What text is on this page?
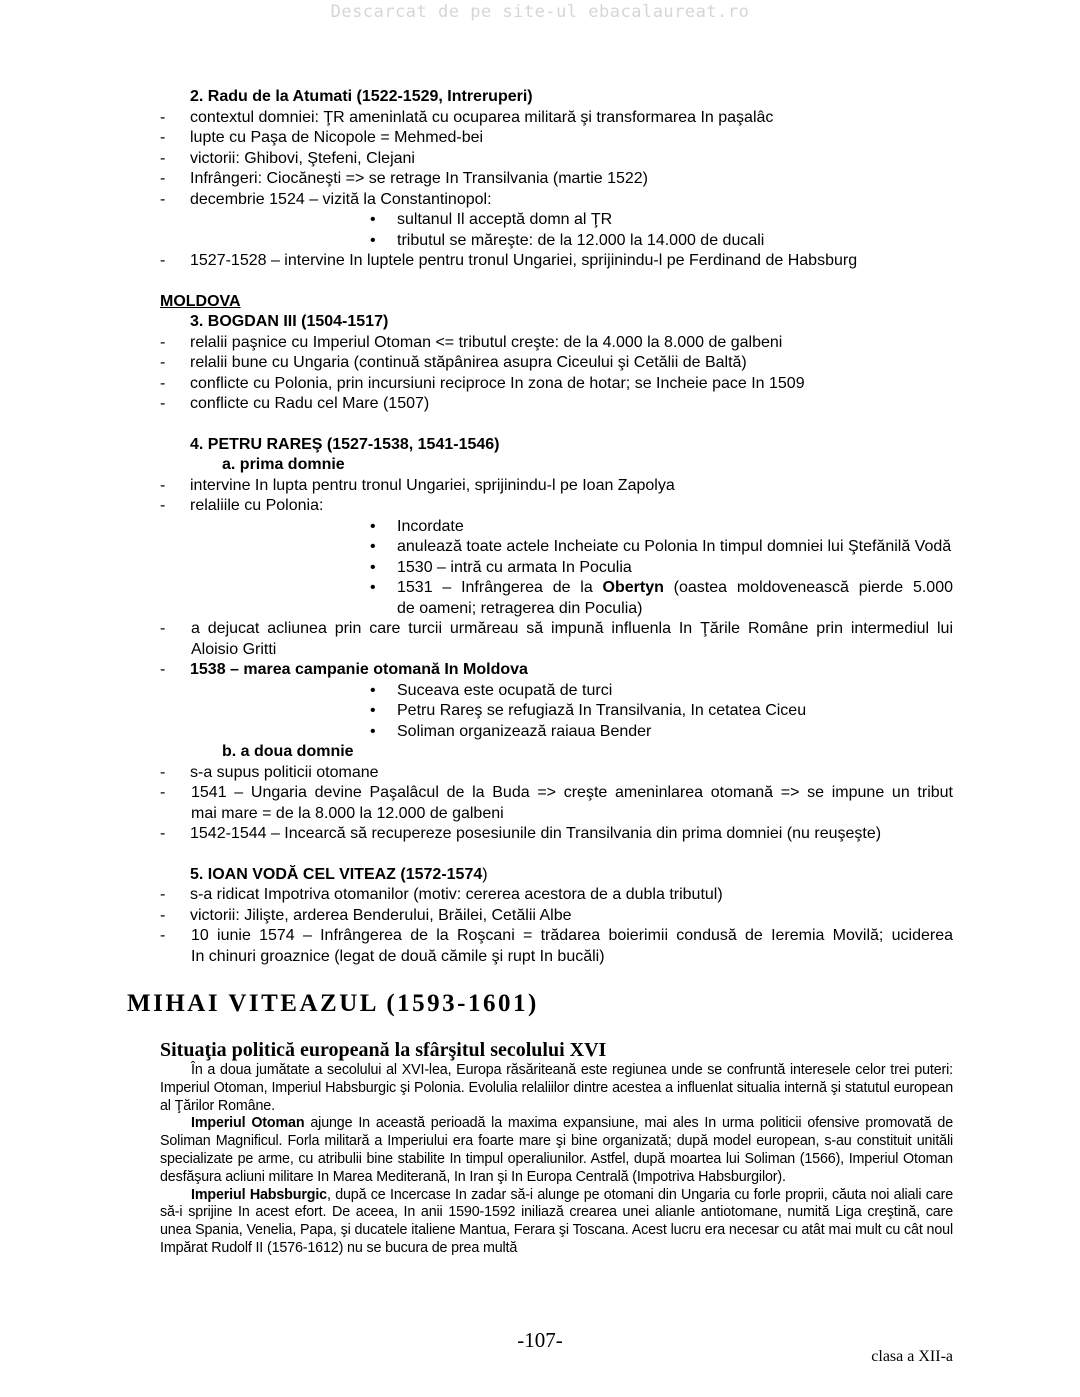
Descarcat de pe site-ul ebacalaureat.ro
2. Radu de la Atumati (1522-1529, Intreruperi)
- contextul domniei: ŢR ameninlată cu ocuparea militară şi transformarea In paşalâc
- lupte cu Paşa de Nicopole = Mehmed-bei
- victorii: Ghibovi, Ştefeni, Clejani
- Infrângeri: Ciocăneşti => se retrage In Transilvania (martie 1522)
- decembrie 1524 – vizită la Constantinopol:
• sultanul Il acceptă domn al ŢR
• tributul se măreşte: de la 12.000 la 14.000 de ducali
- 1527-1528 – intervine In luptele pentru tronul Ungariei, sprijinindu-l pe Ferdinand de Habsburg
MOLDOVA
3. BOGDAN III (1504-1517)
- relalii paşnice cu Imperiul Otoman <= tributul creşte: de la 4.000 la 8.000 de galbeni
- relalii bune cu Ungaria (continuă stăpânirea asupra Ciceului şi Cetălii de Baltă)
- conflicte cu Polonia, prin incursiuni reciproce In zona de hotar; se Incheie pace In 1509
- conflicte cu Radu cel Mare (1507)
4. PETRU RAREŞ (1527-1538, 1541-1546)
a. prima domnie
- intervine In lupta pentru tronul Ungariei, sprijinindu-l pe Ioan Zapolya
- relaliile cu Polonia:
• Incordate
• anulează toate actele Incheiate cu Polonia In timpul domniei lui Ştefănilă Vodă
• 1530 – intră cu armata In Poculia
• 1531 – Infrângerea de la Obertyn (oastea moldovenească pierde 5.000
de oameni; retragerea din Poculia)
- a dejucat acliunea prin care turcii urmăreau să impună influenla In Ţările Române prin intermediul lui
Aloisio Gritti
- 1538 – marea campanie otomană In Moldova
• Suceava este ocupată de turci
• Petru Rareş se refugiază In Transilvania, In cetatea Ciceu
• Soliman organizează raiaua Bender
b. a doua domnie
- s-a supus politicii otomane
- 1541 – Ungaria devine Paşalâcul de la Buda => creşte ameninlarea otomană => se impune un tribut
mai mare = de la 8.000 la 12.000 de galbeni
- 1542-1544 – Incearcă să recupereze posesiunile din Transilvania din prima domniei (nu reuşeşte)
5. IOAN VODĂ CEL VITEAZ (1572-1574)
- s-a ridicat Impotriva otomanilor (motiv: cererea acestora de a dubla tributul)
- victorii: Jilişte, arderea Benderului, Brăilei, Cetălii Albe
- 10 iunie 1574 – Infrângerea de la Roşcani = trădarea boierimii condusă de Ieremia Movilă; uciderea
In chinuri groaznice (legat de două cămile şi rupt In bucăli)
MIHAI VITEAZUL (1593-1601)
Situaţia politică europeană la sfârşitul secolului XVI

În a doua jumătate a secolului al XVI-lea, Europa răsăriteană este regiunea unde se confruntă interesele celor trei puteri: Imperiul Otoman, Imperiul Habsburgic şi Polonia. Evolulia relaliilor dintre acestea a influenlat situalia internă şi statutul european al Ţărilor Române.

Imperiul Otoman ajunge In această perioadă la maxima expansiune, mai ales In urma politicii ofensive promovată de Soliman Magnificul. Forla militară a Imperiului era foarte mare şi bine organizată; după model european, s-au constituit unităli specializate pe arme, cu atribulii bine stabilite In timpul operaliunilor. Astfel, după moartea lui Soliman (1566), Imperiul Otoman desfăşura acliuni militare In Marea Mediterană, In Iran şi In Europa Centrală (Impotriva Habsburgilor).

Imperiul Habsburgic, după ce Incercase In zadar să-i alunge pe otomani din Ungaria cu forle proprii, căuta noi aliali care să-i sprijine In acest efort. De aceea, In anii 1590-1592 iniliază crearea unei alianle antiotomane, numită Liga creştină, care unea Spania, Venelia, Papa, şi ducatele italiene Mantua, Ferara şi Toscana. Acest lucru era necesar cu atât mai mult cu cât noul Impărat Rudolf II (1576-1612) nu se bucura de prea multă

-107-
clasa a XII-a
